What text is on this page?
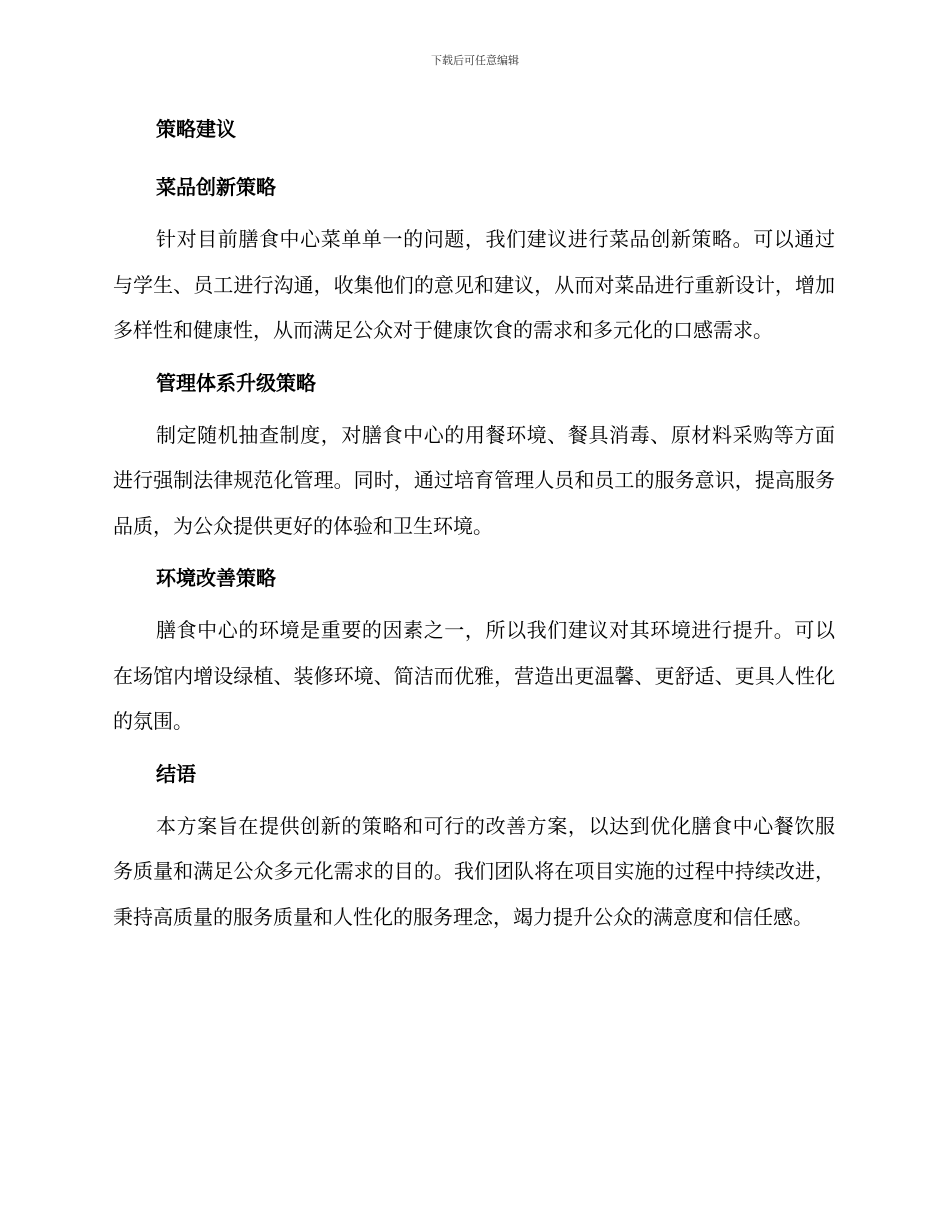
下载后可任意编辑
策略建议
菜品创新策略

针对目前膳食中心菜单单一的问题，我们建议进行菜品创新策略。可以通过与学生、员工进行沟通，收集他们的意见和建议，从而对菜品进行重新设计，增加多样性和健康性，从而满足公众对于健康饮食的需求和多元化的口感需求。

管理体系升级策略

制定随机抽查制度，对膳食中心的用餐环境、餐具消毒、原材料采购等方面进行强制法律规范化管理。同时，通过培育管理人员和员工的服务意识，提高服务品质，为公众提供更好的体验和卫生环境。

环境改善策略

膳食中心的环境是重要的因素之一，所以我们建议对其环境进行提升。可以在场馆内增设绿植、装修环境、简洁而优雅，营造出更温馨、更舒适、更具人性化的氛围。

结语

本方案旨在提供创新的策略和可行的改善方案，以达到优化膳食中心餐饮服务质量和满足公众多元化需求的目的。我们团队将在项目实施的过程中持续改进，秉持高质量的服务质量和人性化的服务理念，竭力提升公众的满意度和信任感。
